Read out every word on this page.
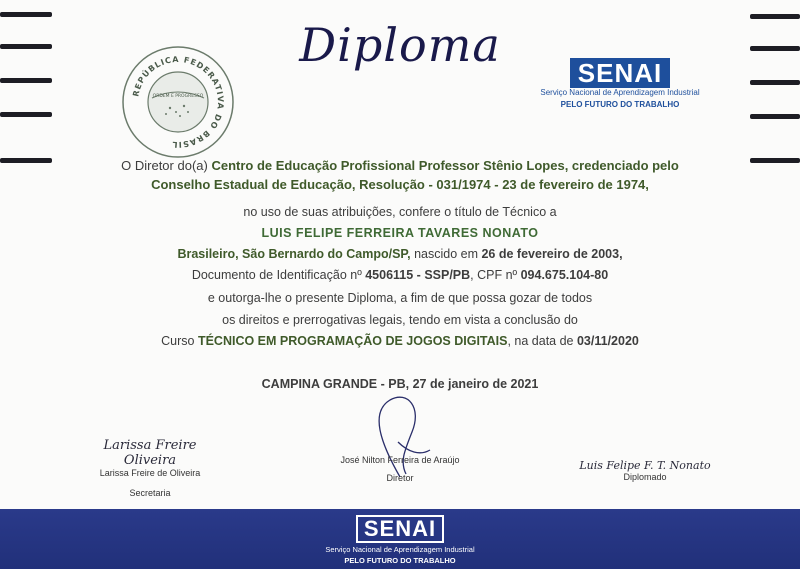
REPÚBLICA FEDERATIVA DO BRASIL
ORDEM E PROGRESSO
Diploma
SENAI
Serviço Nacional de Aprendizagem Industrial
PELO FUTURO DO TRABALHO
O Diretor do(a) Centro de Educação Profissional Professor Stênio Lopes, credenciado pelo
Conselho Estadual de Educação, Resolução - 031/1974 - 23 de fevereiro de 1974,
no uso de suas atribuições, confere o título de Técnico a
LUIS FELIPE FERREIRA TAVARES NONATO
Brasileiro, São Bernardo do Campo/SP, nascido em 26 de fevereiro de 2003,
Documento de Identificação nº 4506115 - SSP/PB, CPF nº 094.675.104-80
e outorga-lhe o presente Diploma, a fim de que possa gozar de todos
os direitos e prerrogativas legais, tendo em vista a conclusão do
Curso TÉCNICO EM PROGRAMAÇÃO DE JOGOS DIGITAIS, na data de 03/11/2020
CAMPINA GRANDE - PB, 27 de janeiro de 2021
Larissa Freire Oliveira
Larissa Freire de Oliveira
Secretaria
José Nilton Ferreira de Araújo
Diretor
Luis Felipe F. T. Nonato
Diplomado
SENAI
Serviço Nacional de Aprendizagem Industrial
PELO FUTURO DO TRABALHO
